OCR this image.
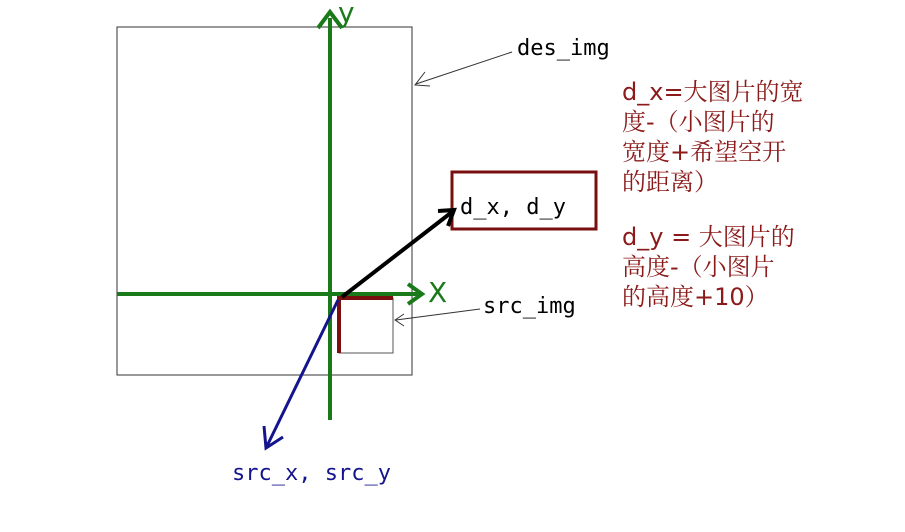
y
X
d_x, d_y
des_img
src_img
src_x, src_y
d_x=大图片的宽
度-（小图片的
宽度+希望空开
的距离）
d_y = 大图片的
高度-（小图片
的高度+10）
